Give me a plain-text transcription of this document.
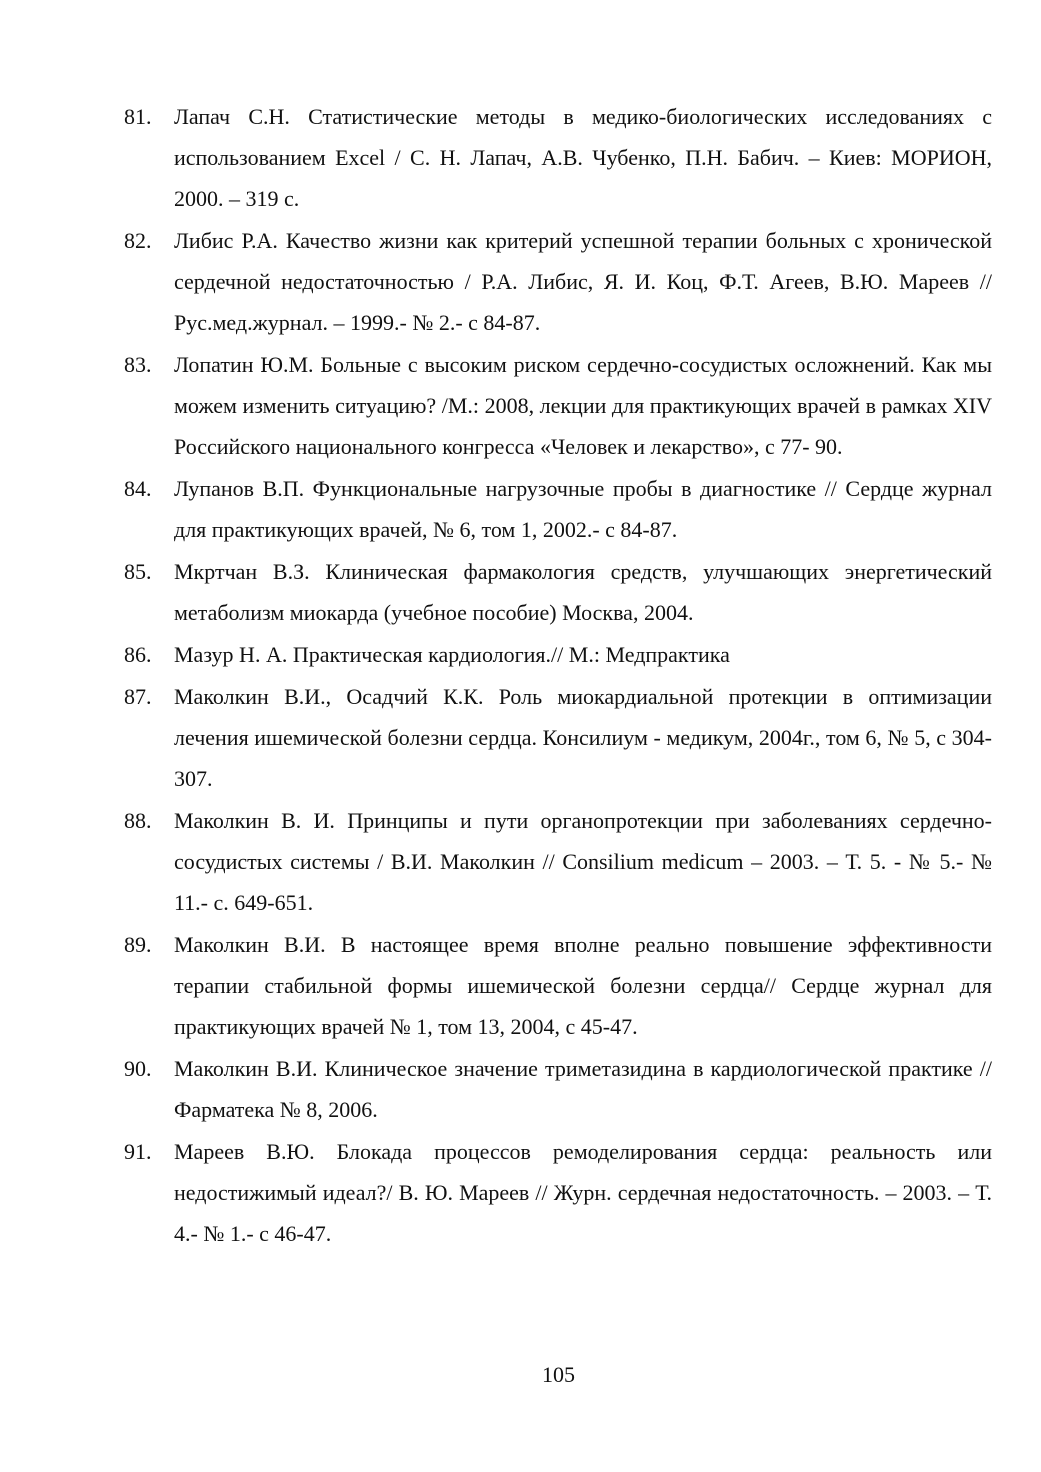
81.	Лапач С.Н. Статистические методы в медико-биологических исследованиях с использованием Excel / С. Н. Лапач, А.В. Чубенко, П.Н. Бабич. – Киев: МОРИОН, 2000. – 319 с.
82.	Либис Р.А. Качество жизни как критерий успешной терапии больных с хронической сердечной недостаточностью / Р.А. Либис, Я. И. Коц, Ф.Т. Агеев, В.Ю. Мареев // Рус.мед.журнал. – 1999.- № 2.- с 84-87.
83.	Лопатин Ю.М. Больные с высоким риском сердечно-сосудистых осложнений. Как мы можем изменить ситуацию? /М.: 2008, лекции для практикующих врачей в рамках XIV Российского национального конгресса «Человек и лекарство», с 77- 90.
84.	Лупанов В.П. Функциональные нагрузочные пробы в диагностике // Сердце журнал для практикующих врачей, № 6, том 1, 2002.- с 84-87.
85.	Мкртчан В.З. Клиническая фармакология средств, улучшающих энергетический метаболизм миокарда (учебное пособие) Москва, 2004.
86.	Мазур Н. А. Практическая кардиология.// М.: Медпрактика
87.	Маколкин В.И., Осадчий К.К. Роль миокардиальной протекции в оптимизации лечения ишемической болезни сердца. Консилиум - медикум, 2004г., том 6, № 5, с 304-307.
88.	Маколкин В. И. Принципы и пути органопротекции при заболеваниях сердечно-сосудистых системы / В.И. Маколкин // Consilium medicum – 2003. – Т. 5. - № 5.- № 11.- с. 649-651.
89.	Маколкин В.И. В настоящее время вполне реально повышение эффективности терапии стабильной формы ишемической болезни сердца// Сердце журнал для практикующих врачей № 1, том 13, 2004, с 45-47.
90.	Маколкин В.И. Клиническое значение триметазидина в кардиологической практике // Фарматека № 8, 2006.
91.	Мареев В.Ю. Блокада процессов ремоделирования сердца: реальность или недостижимый идеал?/ В. Ю. Мареев // Журн. сердечная недостаточность. – 2003. – Т. 4.- № 1.- с 46-47.
105
